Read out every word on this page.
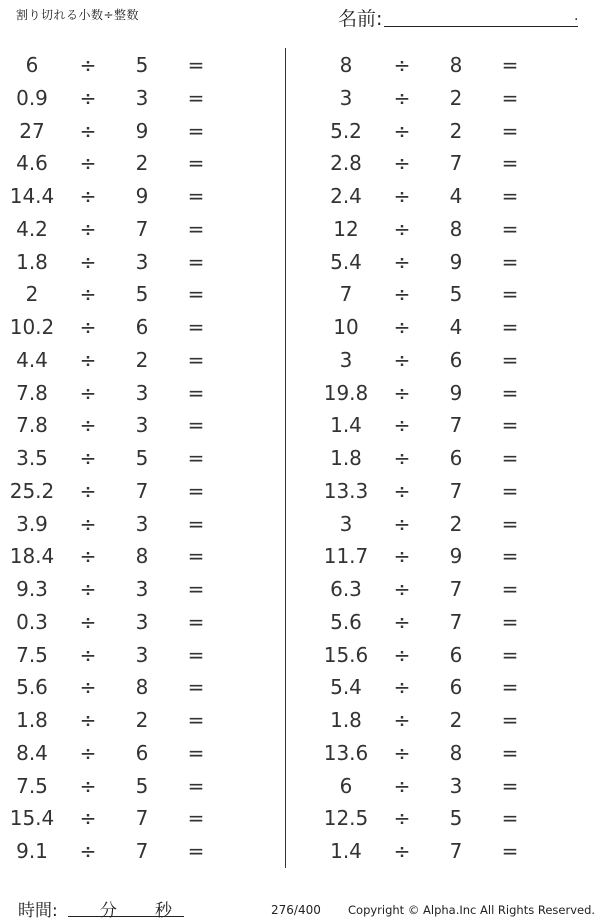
割り切れる小数÷整数	名前:	.
6	÷	5	=
0.9	÷	3	=
27	÷	9	=
4.6	÷	2	=
14.4	÷	9	=
4.2	÷	7	=
1.8	÷	3	=
2	÷	5	=
10.2	÷	6	=
4.4	÷	2	=
7.8	÷	3	=
7.8	÷	3	=
3.5	÷	5	=
25.2	÷	7	=
3.9	÷	3	=
18.4	÷	8	=
9.3	÷	3	=
0.3	÷	3	=
7.5	÷	3	=
5.6	÷	8	=
1.8	÷	2	=
8.4	÷	6	=
7.5	÷	5	=
15.4	÷	7	=
9.1	÷	7	=
8	÷	8	=
3	÷	2	=
5.2	÷	2	=
2.8	÷	7	=
2.4	÷	4	=
12	÷	8	=
5.4	÷	9	=
7	÷	5	=
10	÷	4	=
3	÷	6	=
19.8	÷	9	=
1.4	÷	7	=
1.8	÷	6	=
13.3	÷	7	=
3	÷	2	=
11.7	÷	9	=
6.3	÷	7	=
5.6	÷	7	=
15.6	÷	6	=
5.4	÷	6	=
1.8	÷	2	=
13.6	÷	8	=
6	÷	3	=
12.5	÷	5	=
1.4	÷	7	=
時間: 分 秒	276/400 Copyright © Alpha.Inc All Rights Reserved.
